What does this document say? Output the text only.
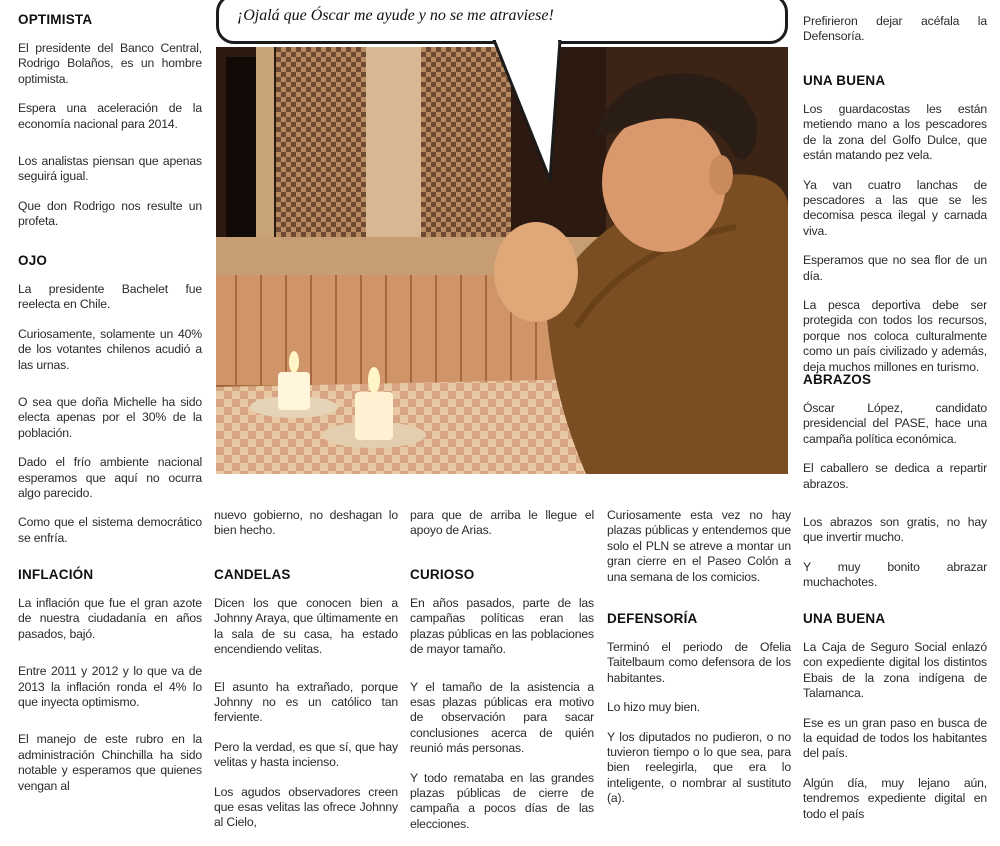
OPTIMISTA

El presidente del Banco Central, Rodrigo Bolaños, es un hombre optimista.

Espera una aceleración de la economía nacional para 2014.

Los analistas piensan que apenas seguirá igual.

Que don Rodrigo nos resulte un profeta.

OJO

La presidente Bachelet fue reelecta en Chile.

Curiosamente, solamente un 40% de los votantes chilenos acudió a las urnas.

O sea que doña Michelle ha sido electa apenas por el 30% de la población.

Dado el frío ambiente nacional esperamos que aquí no ocurra algo parecido.

Como que el sistema democrático se enfría.

INFLACIÓN

La inflación que fue el gran azote de nuestra ciudadanía en años pasados, bajó.

Entre 2011 y 2012 y lo que va de 2013 la inflación ronda el 4% lo que inyecta optimismo.

El manejo de este rubro en la administración Chinchilla ha sido notable y esperamos que quienes vengan al

nuevo gobierno, no deshagan lo bien hecho.

CANDELAS

Dicen los que conocen bien a Johnny Araya, que últimamente en la sala de su casa, ha estado encendiendo velitas.

El asunto ha extrañado, porque Johnny no es un católico tan ferviente.

Pero la verdad, es que sí, que hay velitas y hasta incienso.

Los agudos observadores creen que esas velitas las ofrece Johnny al Cielo,

para que de arriba le llegue el apoyo de Arias.

CURIOSO

En años pasados, parte de las campañas políticas eran las plazas públicas en las poblaciones de mayor tamaño.

Y el tamaño de la asistencia a esas plazas públicas era motivo de observación para sacar conclusiones acerca de quién reunió más personas.

Y todo remataba en las grandes plazas públicas de cierre de campaña a pocos días de las elecciones.

Curiosamente esta vez no hay plazas públicas y entendemos que solo el PLN se atreve a montar un gran cierre en el Paseo Colón a una semana de los comicios.

DEFENSORÍA

Terminó el periodo de Ofelia Taitelbaum como defensora de los habitantes.

Lo hizo muy bien.

Y los diputados no pudieron, o no tuvieron tiempo o lo que sea, para bien reelegirla, que era lo inteligente, o nombrar al sustituto (a).

Prefirieron dejar acéfala la Defensoría.

UNA BUENA

Los guardacostas les están metiendo mano a los pescadores de la zona del Golfo Dulce, que están matando pez vela.

Ya van cuatro lanchas de pescadores a las que se les decomisa pesca ilegal y carnada viva.

Esperamos que no sea flor de un día.

La pesca deportiva debe ser protegida con todos los recursos, porque nos coloca culturalmente como un país civilizado y además, deja muchos millones en turismo.

ABRAZOS

Óscar López, candidato presidencial del PASE, hace una campaña política económica.

El caballero se dedica a repartir abrazos.

Los abrazos son gratis, no hay que invertir mucho.

Y muy bonito abrazar muchachotes.

UNA BUENA

La Caja de Seguro Social enlazó con expediente digital los distintos Ebais de la zona indígena de Talamanca.

Ese es un gran paso en busca de la equidad de todos los habitantes del país.

Algún día, muy lejano aún, tendremos expediente digital en todo el país

¡Ojalá que Óscar me ayude y no se me atraviese!
